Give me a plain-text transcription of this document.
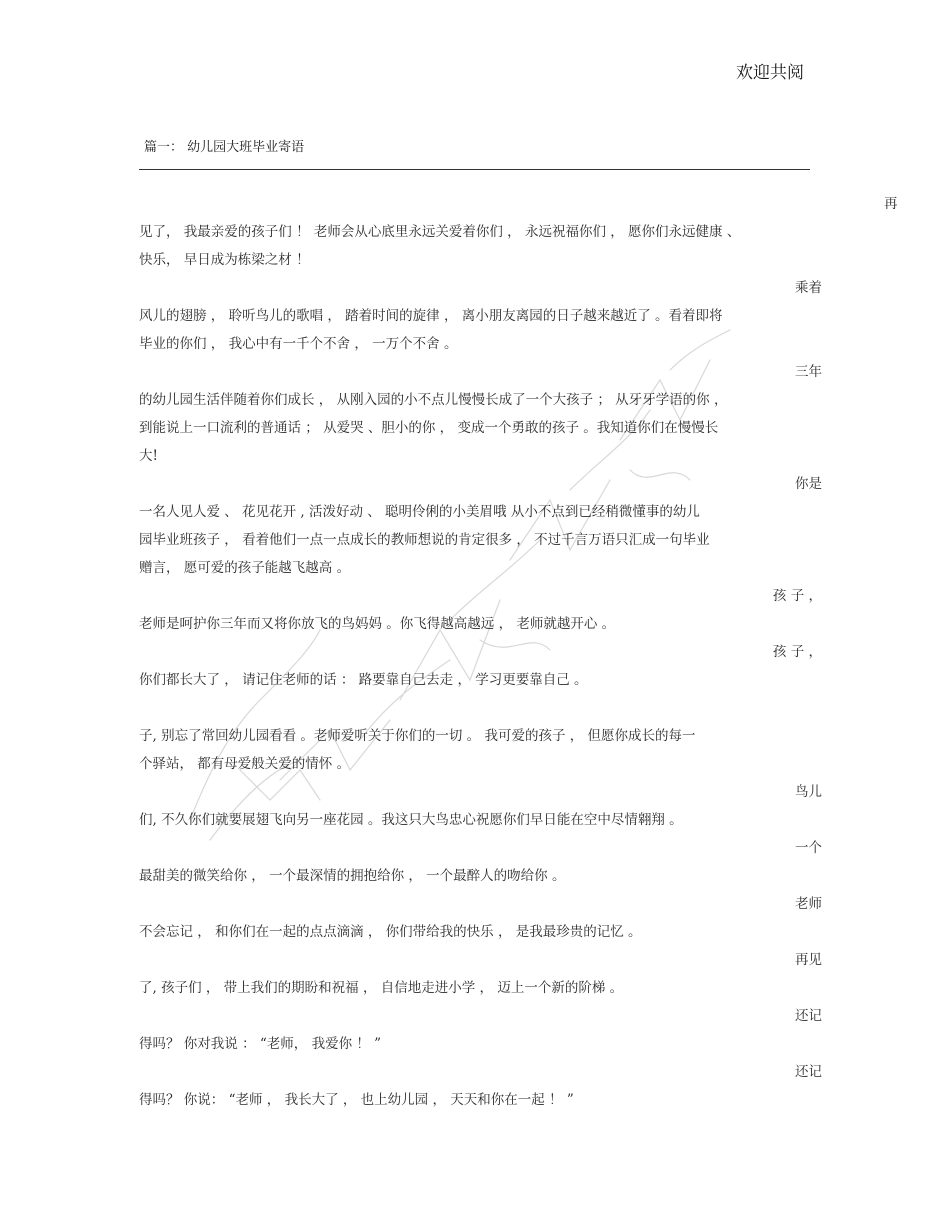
欢迎共阅
篇一： 幼儿园大班毕业寄语
再
见了， 我最亲爱的孩子们 ！ 老师会从心底里永远关爱着你们 ， 永远祝福你们 ， 愿你们永远健康 、
快乐， 早日成为栋梁之材 ！
乘着
风儿的翅膀 ， 聆听鸟儿的歌唱 ， 踏着时间的旋律 ， 离小朋友离园的日子越来越近了 。看着即将
毕业的你们 ， 我心中有一千个不舍 ， 一万个不舍 。
三年
的幼儿园生活伴随着你们成长 ， 从刚入园的小不点儿慢慢长成了一个大孩子 ； 从牙牙学语的你 ，
到能说上一口流利的普通话 ； 从爱哭 、胆小的你 ， 变成一个勇敢的孩子 。我知道你们在慢慢长
大!
你是
一名人见人爱 、 花见花开 , 活泼好动 、 聪明伶俐的小美眉哦 从小不点到已经稍微懂事的幼儿
园毕业班孩子 ， 看着他们一点一点成长的教师想说的肯定很多 ， 不过千言万语只汇成一句毕业
赠言， 愿可爱的孩子能越飞越高 。
孩 子 ，
老师是呵护你三年而又将你放飞的鸟妈妈 。你飞得越高越远 ， 老师就越开心 。
孩 子 ，
你们都长大了 ， 请记住老师的话 ： 路要靠自己去走 ， 学习更要靠自己 。
子, 别忘了常回幼儿园看看 。老师爱听关于你们的一切 。 我可爱的孩子 ， 但愿你成长的每一
个驿站， 都有母爱般关爱的情怀 。
鸟儿
们, 不久你们就要展翅飞向另一座花园 。我这只大鸟忠心祝愿你们早日能在空中尽情翱翔 。
一个
最甜美的微笑给你 ， 一个最深情的拥抱给你 ， 一个最醉人的吻给你 。
老师
不会忘记 ， 和你们在一起的点点滴滴 ， 你们带给我的快乐 ， 是我最珍贵的记忆 。
再见
了, 孩子们 ， 带上我们的期盼和祝福 ， 自信地走进小学 ， 迈上一个新的阶梯 。
还记
得吗？ 你对我说 ： “老师， 我爱你 ！ ”
还记
得吗？ 你说： “老师 ， 我长大了 ， 也上幼儿园 ， 天天和你在一起 ！ ”
